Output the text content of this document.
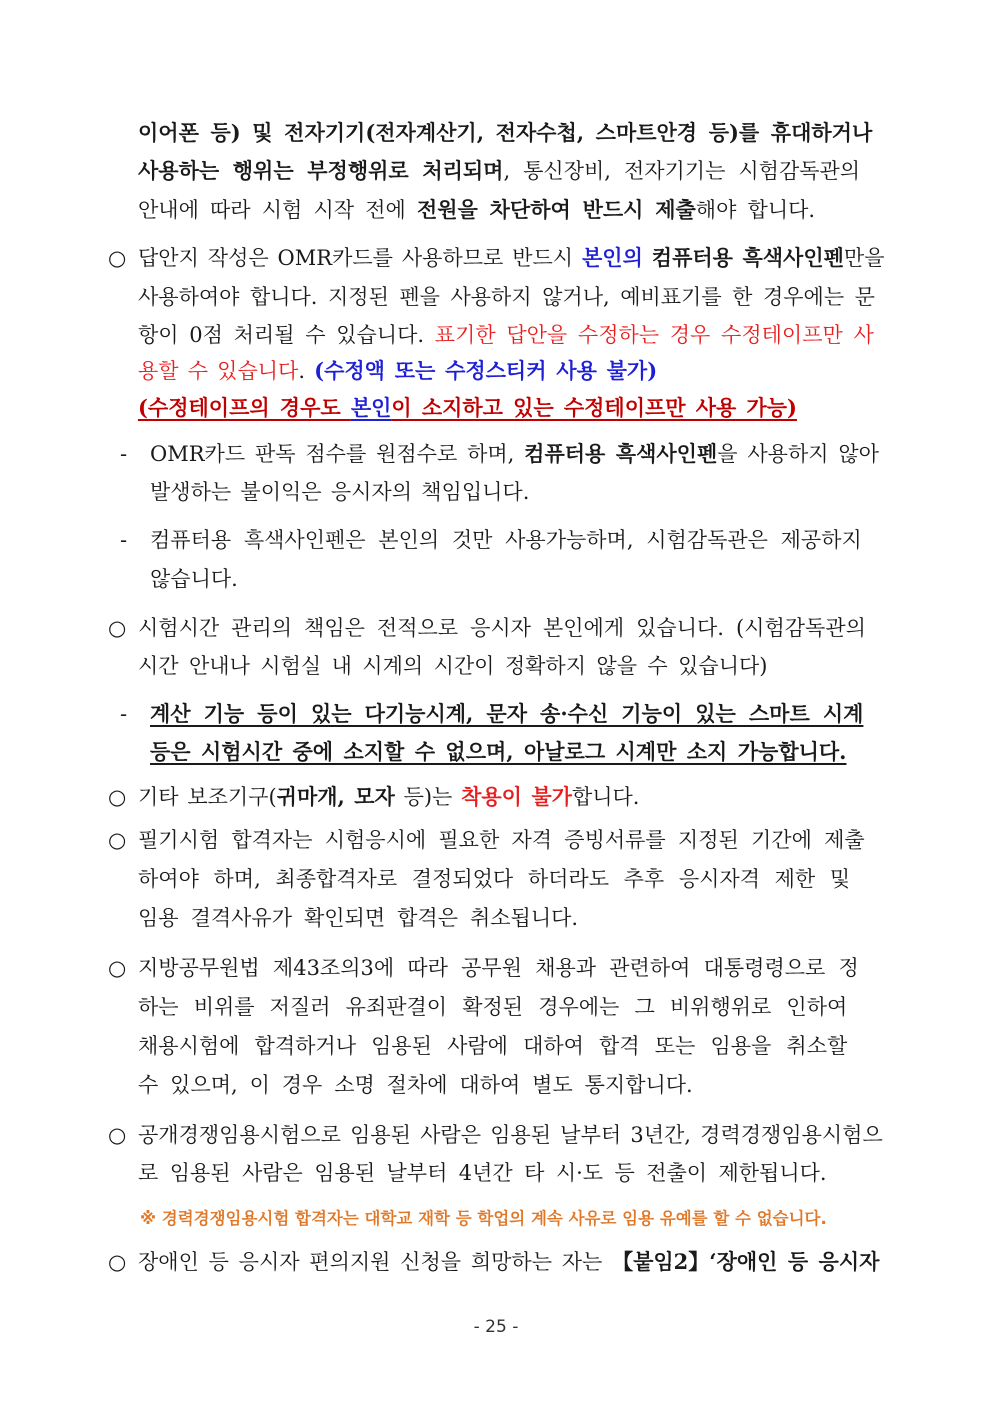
이어폰 등) 및 전자기기(전자계산기, 전자수첩, 스마트안경 등)를 휴대하거나
사용하는 행위는 부정행위로 처리되며, 통신장비, 전자기기는 시험감독관의
안내에 따라 시험 시작 전에 전원을 차단하여 반드시 제출해야 합니다.
○ 답안지 작성은 OMR카드를 사용하므로 반드시 본인의 컴퓨터용 흑색사인펜만을
사용하여야 합니다. 지정된 펜을 사용하지 않거나, 예비표기를 한 경우에는 문
항이 0점 처리될 수 있습니다. 표기한 답안을 수정하는 경우 수정테이프만 사
용할 수 있습니다. (수정액 또는 수정스티커 사용 불가)
(수정테이프의 경우도 본인이 소지하고 있는 수정테이프만 사용 가능)
- OMR카드 판독 점수를 원점수로 하며, 컴퓨터용 흑색사인펜을 사용하지 않아
발생하는 불이익은 응시자의 책임입니다.
- 컴퓨터용 흑색사인펜은 본인의 것만 사용가능하며, 시험감독관은 제공하지
않습니다.
○ 시험시간 관리의 책임은 전적으로 응시자 본인에게 있습니다. (시험감독관의
시간 안내나 시험실 내 시계의 시간이 정확하지 않을 수 있습니다)
- 계산 기능 등이 있는 다기능시계, 문자 송·수신 기능이 있는 스마트 시계
등은 시험시간 중에 소지할 수 없으며, 아날로그 시계만 소지 가능합니다.
○ 기타 보조기구(귀마개, 모자 등)는 착용이 불가합니다.
○ 필기시험 합격자는 시험응시에 필요한 자격 증빙서류를 지정된 기간에 제출
하여야 하며, 최종합격자로 결정되었다 하더라도 추후 응시자격 제한 및
임용 결격사유가 확인되면 합격은 취소됩니다.
○ 지방공무원법 제43조의3에 따라 공무원 채용과 관련하여 대통령령으로 정
하는 비위를 저질러 유죄판결이 확정된 경우에는 그 비위행위로 인하여
채용시험에 합격하거나 임용된 사람에 대하여 합격 또는 임용을 취소할
수 있으며, 이 경우 소명 절차에 대하여 별도 통지합니다.
○ 공개경쟁임용시험으로 임용된 사람은 임용된 날부터 3년간, 경력경쟁임용시험으
로 임용된 사람은 임용된 날부터 4년간 타 시·도 등 전출이 제한됩니다.
※ 경력경쟁임용시험 합격자는 대학교 재학 등 학업의 계속 사유로 임용 유예를 할 수 없습니다.
○ 장애인 등 응시자 편의지원 신청을 희망하는 자는 【붙임2】‘장애인 등 응시자
- 25 -
